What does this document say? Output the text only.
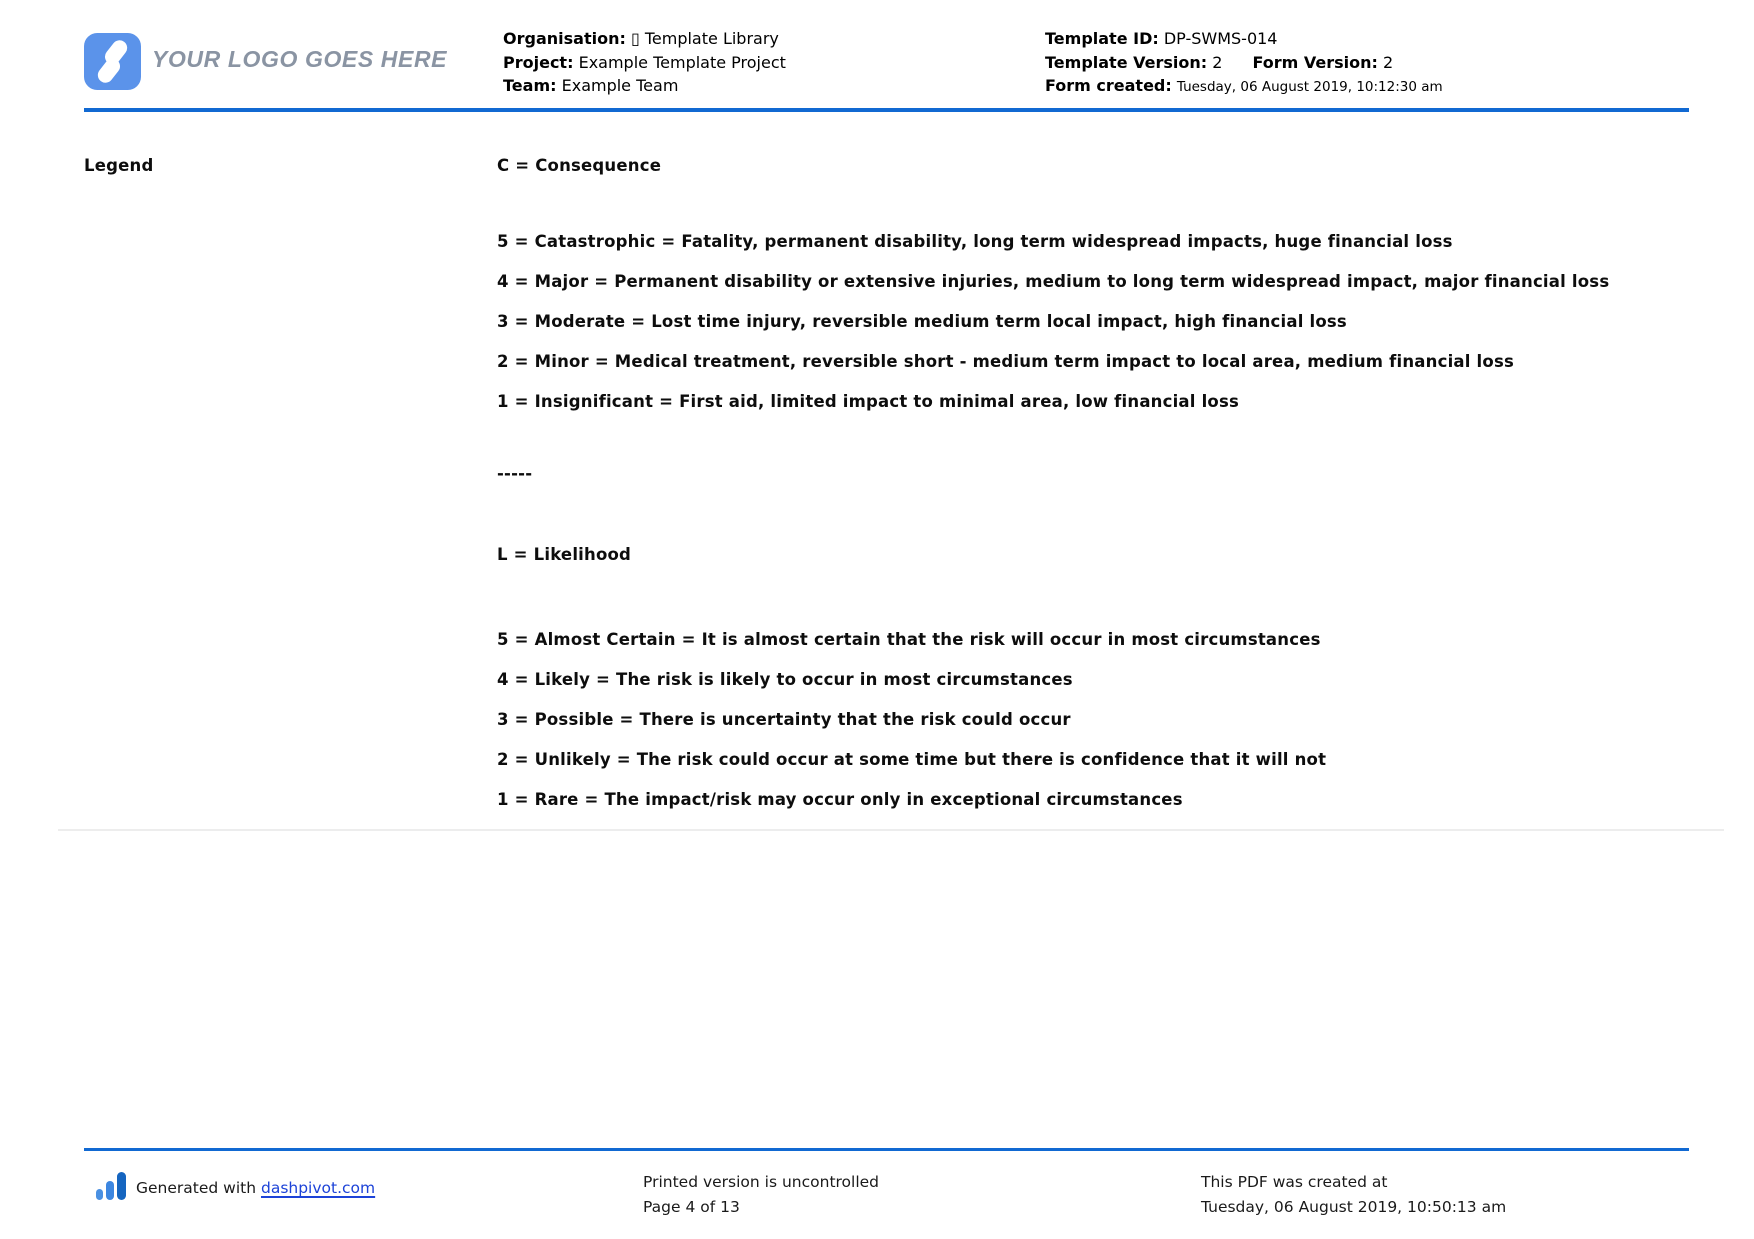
YOUR LOGO GOES HERE
Organisation: ▯ Template Library
Project: Example Template Project
Team: Example Team
Template ID: DP-SWMS-014
Template Version: 2 Form Version: 2
Form created: Tuesday, 06 August 2019, 10:12:30 am
Legend	C = Consequence
5 = Catastrophic = Fatality, permanent disability, long term widespread impacts, huge financial loss
4 = Major = Permanent disability or extensive injuries, medium to long term widespread impact, major financial loss
3 = Moderate = Lost time injury, reversible medium term local impact, high financial loss
2 = Minor = Medical treatment, reversible short - medium term impact to local area, medium financial loss
1 = Insignificant = First aid, limited impact to minimal area, low financial loss
-----
L = Likelihood
5 = Almost Certain = It is almost certain that the risk will occur in most circumstances
4 = Likely = The risk is likely to occur in most circumstances
3 = Possible = There is uncertainty that the risk could occur
2 = Unlikely = The risk could occur at some time but there is confidence that it will not
1 = Rare = The impact/risk may occur only in exceptional circumstances
Generated with dashpivot.com	Printed version is uncontrolled
Page 4 of 13
This PDF was created at
Tuesday, 06 August 2019, 10:50:13 am
